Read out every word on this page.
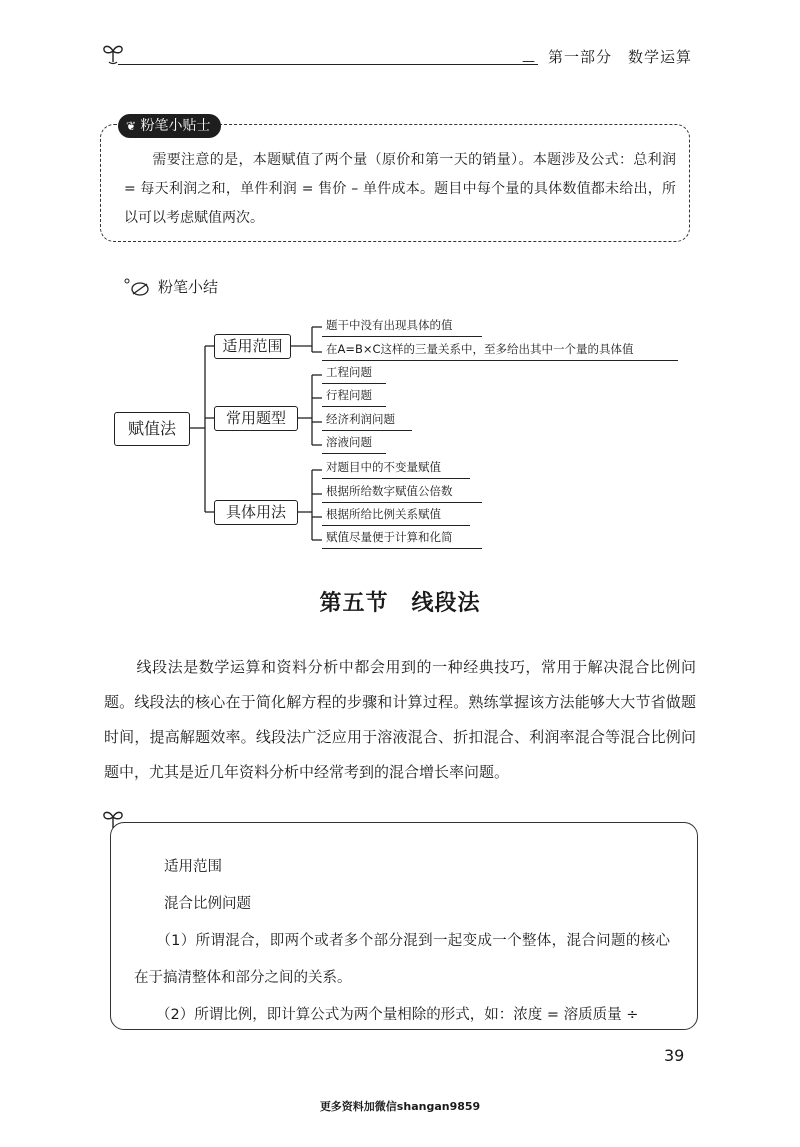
— 第一部分　数学运算
❦ 粉笔小贴士
需要注意的是，本题赋值了两个量（原价和第一天的销量）。本题涉及公式：总利润 = 每天利润之和，单件利润 = 售价 – 单件成本。题目中每个量的具体数值都未给出，所以可以考虑赋值两次。
粉笔小结
赋值法
适用范围
常用题型
具体用法
题干中没有出现具体的值
在A=B×C这样的三量关系中，至多给出其中一个量的具体值
工程问题
行程问题
经济利润问题
溶液问题
对题目中的不变量赋值
根据所给数字赋值公倍数
根据所给比例关系赋值
赋值尽量便于计算和化简
第五节　线段法
线段法是数学运算和资料分析中都会用到的一种经典技巧，常用于解决混合比例问题。线段法的核心在于简化解方程的步骤和计算过程。熟练掌握该方法能够大大节省做题时间，提高解题效率。线段法广泛应用于溶液混合、折扣混合、利润率混合等混合比例问题中，尤其是近几年资料分析中经常考到的混合增长率问题。
适用范围
混合比例问题
（1）所谓混合，即两个或者多个部分混到一起变成一个整体，混合问题的核心在于搞清整体和部分之间的关系。
（2）所谓比例，即计算公式为两个量相除的形式，如：浓度 = 溶质质量 ÷
39
更多资料加微信shangan9859
